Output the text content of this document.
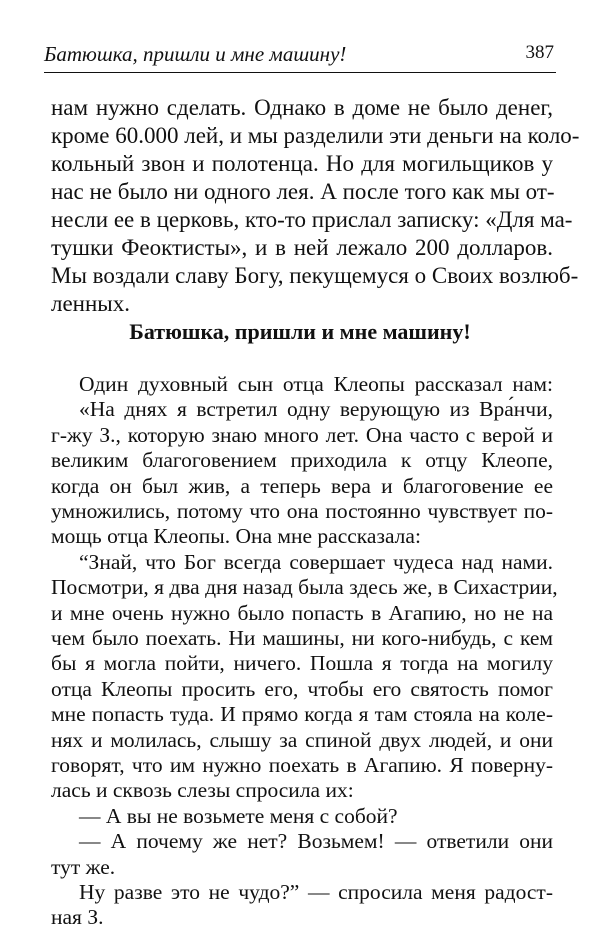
Батюшка, пришли и мне машину!	387
нам нужно сделать. Однако в доме не было денег,
кроме 60.000 лей, и мы разделили эти деньги на коло-
кольный звон и полотенца. Но для могильщиков у
нас не было ни одного лея. А после того как мы от-
несли ее в церковь, кто-то прислал записку: «Для ма-
тушки Феоктисты», и в ней лежало 200 долларов.
Мы воздали славу Богу, пекущемуся о Своих возлюб-
ленных.
Батюшка, пришли и мне машину!
Один духовный сын отца Клеопы рассказал нам:
«На днях я встретил одну верующую из Вра́нчи,
г-жу З., которую знаю много лет. Она часто с верой и
великим благоговением приходила к отцу Клеопе,
когда он был жив, а теперь вера и благоговение ее
умножились, потому что она постоянно чувствует по-
мощь отца Клеопы. Она мне рассказала:
“Знай, что Бог всегда совершает чудеса над нами.
Посмотри, я два дня назад была здесь же, в Сихастрии,
и мне очень нужно было попасть в Агапию, но не на
чем было поехать. Ни машины, ни кого-нибудь, с кем
бы я могла пойти, ничего. Пошла я тогда на могилу
отца Клеопы просить его, чтобы его святость помог
мне попасть туда. И прямо когда я там стояла на коле-
нях и молилась, слышу за спиной двух людей, и они
говорят, что им нужно поехать в Агапию. Я поверну-
лась и сквозь слезы спросила их:
— А вы не возьмете меня с собой?
— А почему же нет? Возьмем! — ответили они
тут же.
Ну разве это не чудо?” — спросила меня радост-
ная З.
